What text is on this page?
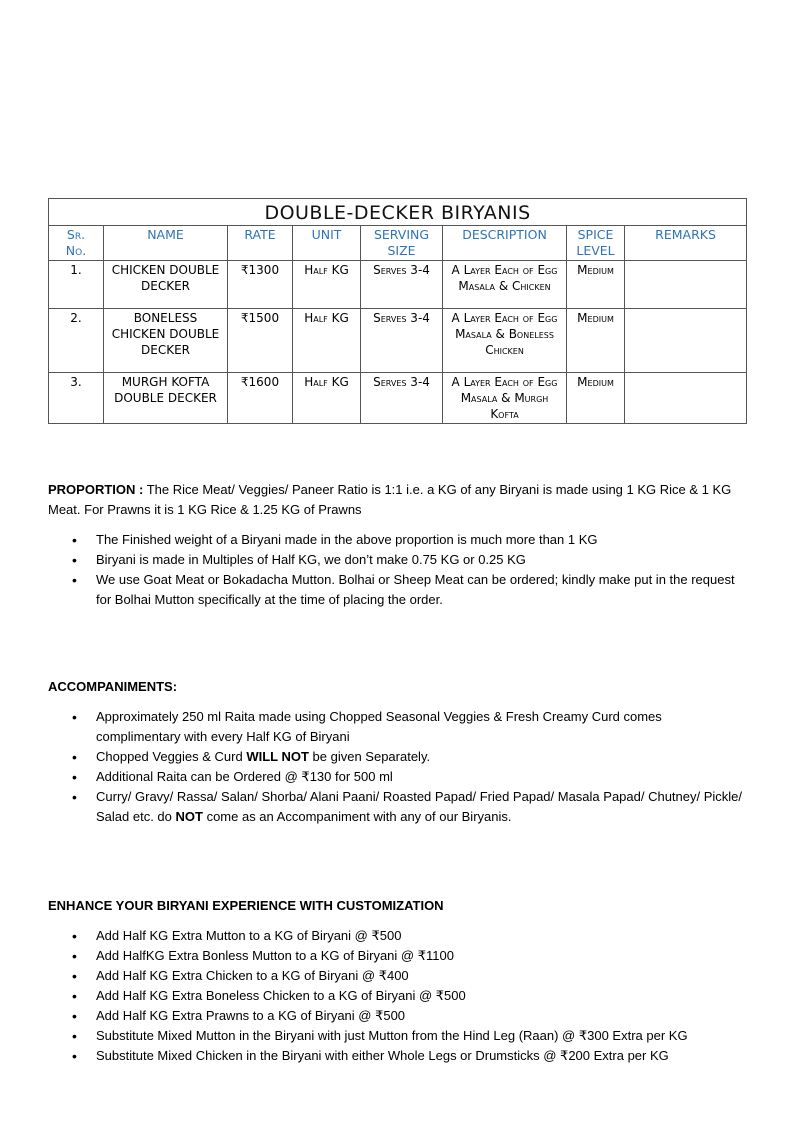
DOUBLE-DECKER BIRYANIS							
Sr.
No.	NAME	RATE	UNIT	SERVING SIZE	DESCRIPTION	SPICE LEVEL	REMARKS
1.	CHICKEN DOUBLE DECKER	₹1300	Half KG	Serves 3-4	A Layer Each of Egg Masala & Chicken	Medium	
2.	BONELESS CHICKEN DOUBLE DECKER	₹1500	Half KG	Serves 3-4	A Layer Each of Egg Masala & Boneless Chicken	Medium	
3.	MURGH KOFTA DOUBLE DECKER	₹1600	Half KG	Serves 3-4	A Layer Each of Egg Masala & Murgh Kofta	Medium	

PROPORTION : The Rice Meat/ Veggies/ Paneer Ratio is 1:1 i.e. a KG of any Biryani is made using 1 KG Rice & 1 KG Meat. For Prawns it is 1 KG Rice & 1.25 KG of Prawns

• The Finished weight of a Biryani made in the above proportion is much more than 1 KG
• Biryani is made in Multiples of Half KG, we don’t make 0.75 KG or 0.25 KG
• We use Goat Meat or Bokadacha Mutton. Bolhai or Sheep Meat can be ordered; kindly make put in the request for Bolhai Mutton specifically at the time of placing the order.

ACCOMPANIMENTS:

• Approximately 250 ml Raita made using Chopped Seasonal Veggies & Fresh Creamy Curd comes complimentary with every Half KG of Biryani
• Chopped Veggies & Curd WILL NOT be given Separately.
• Additional Raita can be Ordered @ ₹130 for 500 ml
• Curry/ Gravy/ Rassa/ Salan/ Shorba/ Alani Paani/ Roasted Papad/ Fried Papad/ Masala Papad/ Chutney/ Pickle/ Salad etc. do NOT come as an Accompaniment with any of our Biryanis.

ENHANCE YOUR BIRYANI EXPERIENCE WITH CUSTOMIZATION

• Add Half KG Extra Mutton to a KG of Biryani @ ₹500
• Add HalfKG Extra Bonless Mutton to a KG of Biryani @ ₹1100
• Add Half KG Extra Chicken to a KG of Biryani @ ₹400
• Add Half KG Extra Boneless Chicken to a KG of Biryani @ ₹500
• Add Half KG Extra Prawns to a KG of Biryani @ ₹500
• Substitute Mixed Mutton in the Biryani with just Mutton from the Hind Leg (Raan) @ ₹300 Extra per KG
• Substitute Mixed Chicken in the Biryani with either Whole Legs or Drumsticks @ ₹200 Extra per KG
